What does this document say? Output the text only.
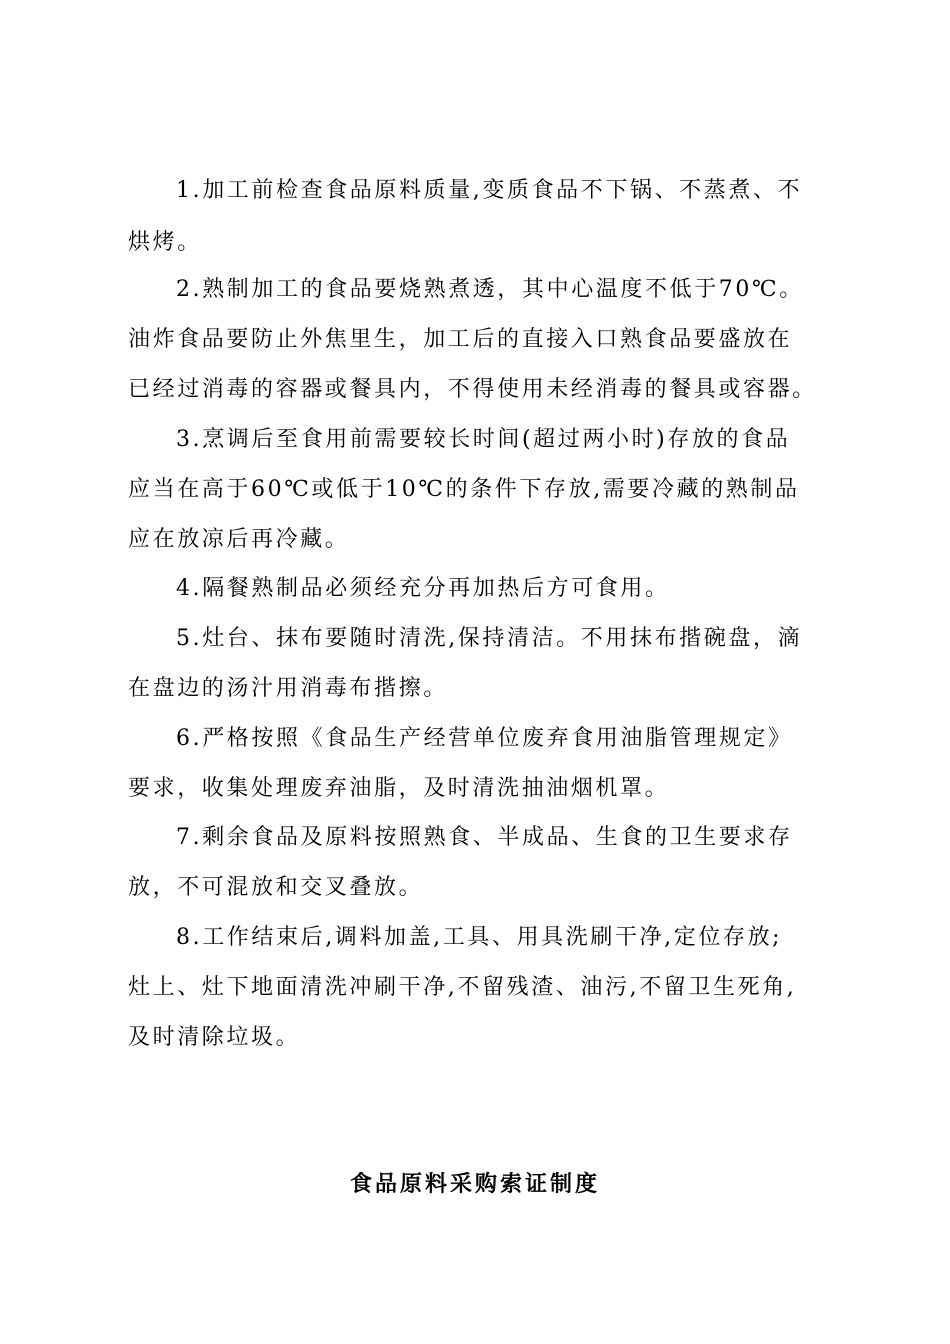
1.加工前检查食品原料质量,变质食品不下锅、不蒸煮、不
烘烤。
2.熟制加工的食品要烧熟煮透，其中心温度不低于70℃。
油炸食品要防止外焦里生，加工后的直接入口熟食品要盛放在
已经过消毒的容器或餐具内，不得使用未经消毒的餐具或容器。
3.烹调后至食用前需要较长时间(超过两小时)存放的食品
应当在高于60℃或低于10℃的条件下存放,需要冷藏的熟制品
应在放凉后再冷藏。
4.隔餐熟制品必须经充分再加热后方可食用。
5.灶台、抹布要随时清洗,保持清洁。不用抹布揩碗盘，滴
在盘边的汤汁用消毒布揩擦。
6.严格按照《食品生产经营单位废弃食用油脂管理规定》
要求，收集处理废弃油脂，及时清洗抽油烟机罩。
7.剩余食品及原料按照熟食、半成品、生食的卫生要求存
放，不可混放和交叉叠放。
8.工作结束后,调料加盖,工具、用具洗刷干净,定位存放;
灶上、灶下地面清洗冲刷干净,不留残渣、油污,不留卫生死角,
及时清除垃圾。
食品原料采购索证制度
